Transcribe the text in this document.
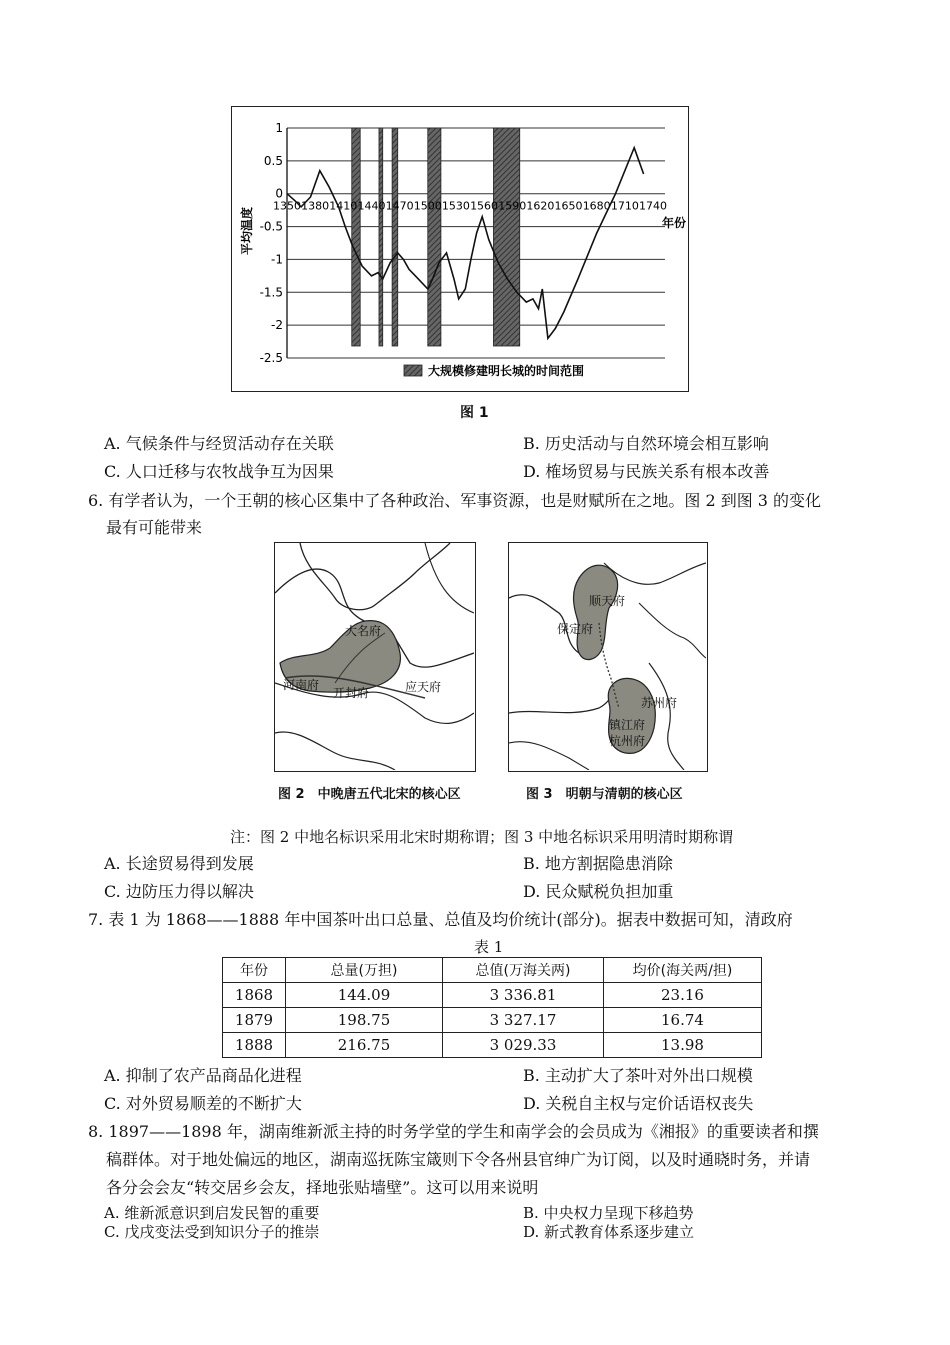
1
0.5
0
-0.5
-1
-1.5
-2
-2.5
1350 1380 1410 1440 1470 1500 1530 1560 1590 1620 1650 1680 1710 1740
平均温度	年份
大规模修建明长城的时间范围
图 1
A. 气候条件与经贸活动存在关联	B. 历史活动与自然环境会相互影响
C. 人口迁移与农牧战争互为因果	D. 榷场贸易与民族关系有根本改善
6. 有学者认为，一个王朝的核心区集中了各种政治、军事资源，也是财赋所在之地。图 2 到图 3 的变化
最有可能带来
大名府
河南府
开封府	应天府
图 2　中晚唐五代北宋的核心区
顺天府
保定府
苏州府
镇江府
杭州府
图 3　明朝与清朝的核心区
注：图 2 中地名标识采用北宋时期称谓；图 3 中地名标识采用明清时期称谓
A. 长途贸易得到发展	B. 地方割据隐患消除
C. 边防压力得以解决	D. 民众赋税负担加重
7. 表 1 为 1868——1888 年中国茶叶出口总量、总值及均价统计(部分)。据表中数据可知，清政府
表 1
年份	总量(万担)	总值(万海关两)	均价(海关两/担)
1868	144.09	3 336.81	23.16
1879	198.75	3 327.17	16.74
1888	216.75	3 029.33	13.98
A. 抑制了农产品商品化进程	B. 主动扩大了茶叶对外出口规模
C. 对外贸易顺差的不断扩大	D. 关税自主权与定价话语权丧失
8. 1897——1898 年，湖南维新派主持的时务学堂的学生和南学会的会员成为《湘报》的重要读者和撰
稿群体。对于地处偏远的地区，湖南巡抚陈宝箴则下令各州县官绅广为订阅，以及时通晓时务，并请
各分会会友“转交居乡会友，择地张贴墙壁”。这可以用来说明
A. 维新派意识到启发民智的重要	B. 中央权力呈现下移趋势
C. 戊戌变法受到知识分子的推崇	D. 新式教育体系逐步建立
